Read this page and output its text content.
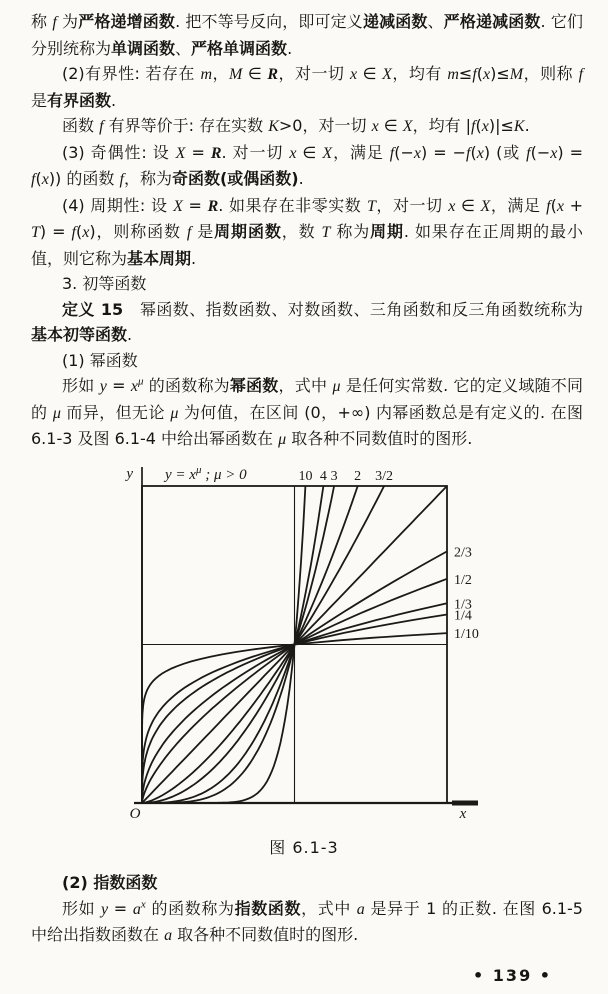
称 f 为严格递增函数. 把不等号反向，即可定义递减函数、严格递减函数. 它们分别统称为单调函数、严格单调函数.

(2)有界性: 若存在 m，M ∈ R，对一切 x ∈ X，均有 m≤f(x)≤M，则称 f 是有界函数.

函数 f 有界等价于: 存在实数 K>0，对一切 x ∈ X，均有 |f(x)|≤K.

(3) 奇偶性: 设 X = R. 对一切 x ∈ X，满足 f(−x) = −f(x) (或 f(−x) = f(x)) 的函数 f，称为奇函数(或偶函数).

(4) 周期性: 设 X = R. 如果存在非零实数 T，对一切 x ∈ X，满足 f(x + T) = f(x)，则称函数 f 是周期函数，数 T 称为周期. 如果存在正周期的最小值，则它称为基本周期.

3. 初等函数

定义 15　幂函数、指数函数、对数函数、三角函数和反三角函数统称为基本初等函数.

(1) 幂函数

形如 $y = x^\mu$ 的函数称为幂函数，式中 μ 是任何实常数. 它的定义域随不同的 μ 而异，但无论 μ 为何值，在区间 (0，+∞) 内幂函数总是有定义的. 在图 6.1-3 及图 6.1-4 中给出幂函数在 μ 取各种不同数值时的图形.

10 4 3 2 3/2
2/3
1/2
1/3
1/4
1/10
y
x
O
$y = x^\mu$ ; μ > 0
图 6.1-3

(2) 指数函数

形如 $y = a^x$ 的函数称为指数函数，式中 a 是异于 1 的正数. 在图 6.1-5 中给出指数函数在 a 取各种不同数值时的图形.

• 139 •
